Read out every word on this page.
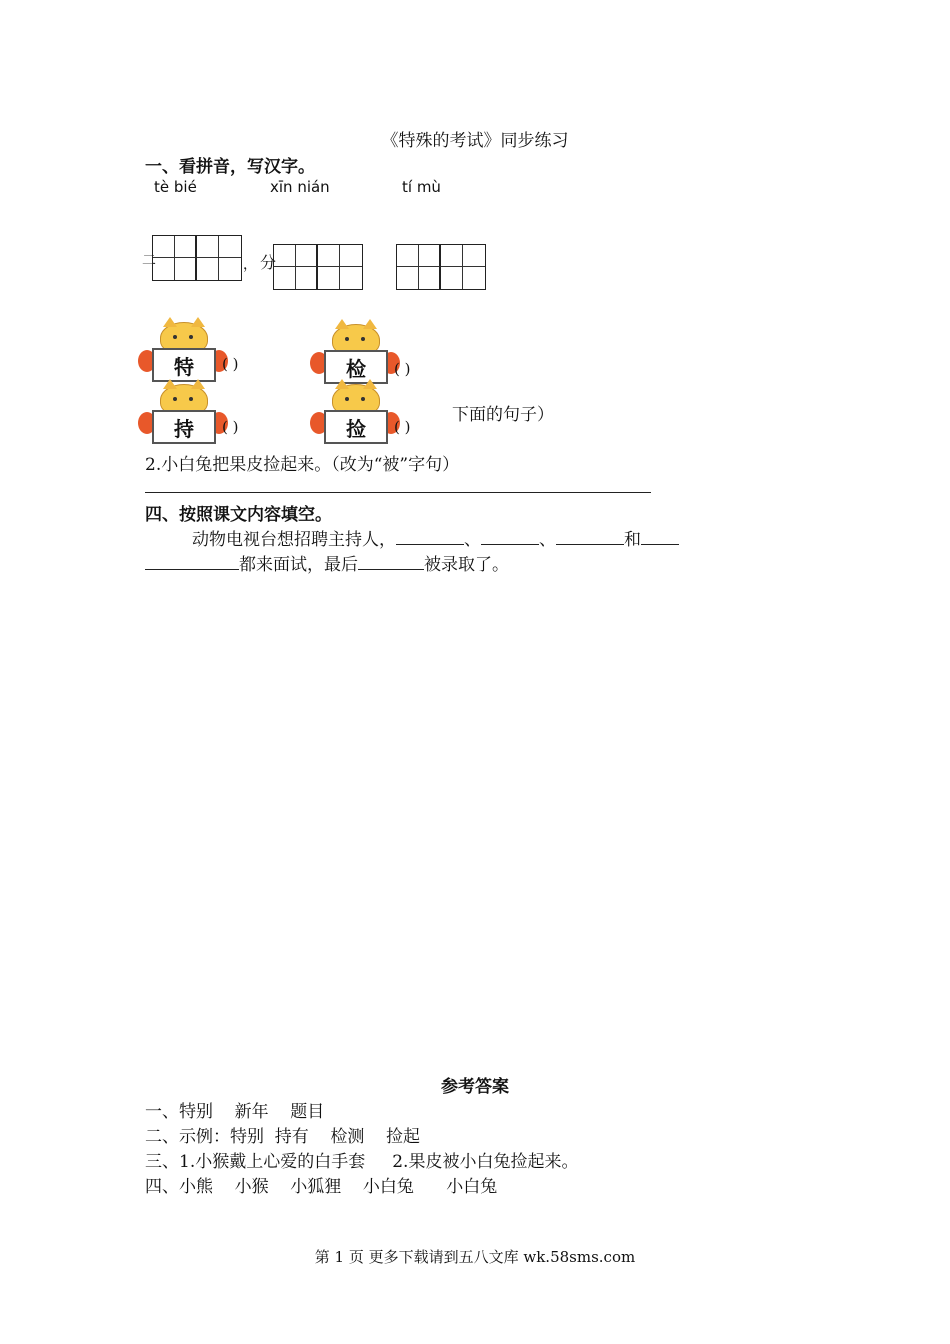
《特殊的考试》同步练习
一、看拼音，写汉字。
tè bié	xīn nián	tí mù
二	， 分
特	( )	检	( )
持	( )	捡	( )
下面的句子）
2.小白兔把果皮捡起来。（改为“被”字句）
四、按照课文内容填空。
动物电视台想招聘主持人，	、	、	和
都来面试，最后	被录取了。
参考答案
一、特别    新年    题目
二、示例：特别  持有    检测    捡起
三、1.小猴戴上心爱的白手套     2.果皮被小白兔捡起来。
四、小熊    小猴    小狐狸    小白兔      小白兔
第 1 页 更多下载请到五八文库 wk.58sms.com
